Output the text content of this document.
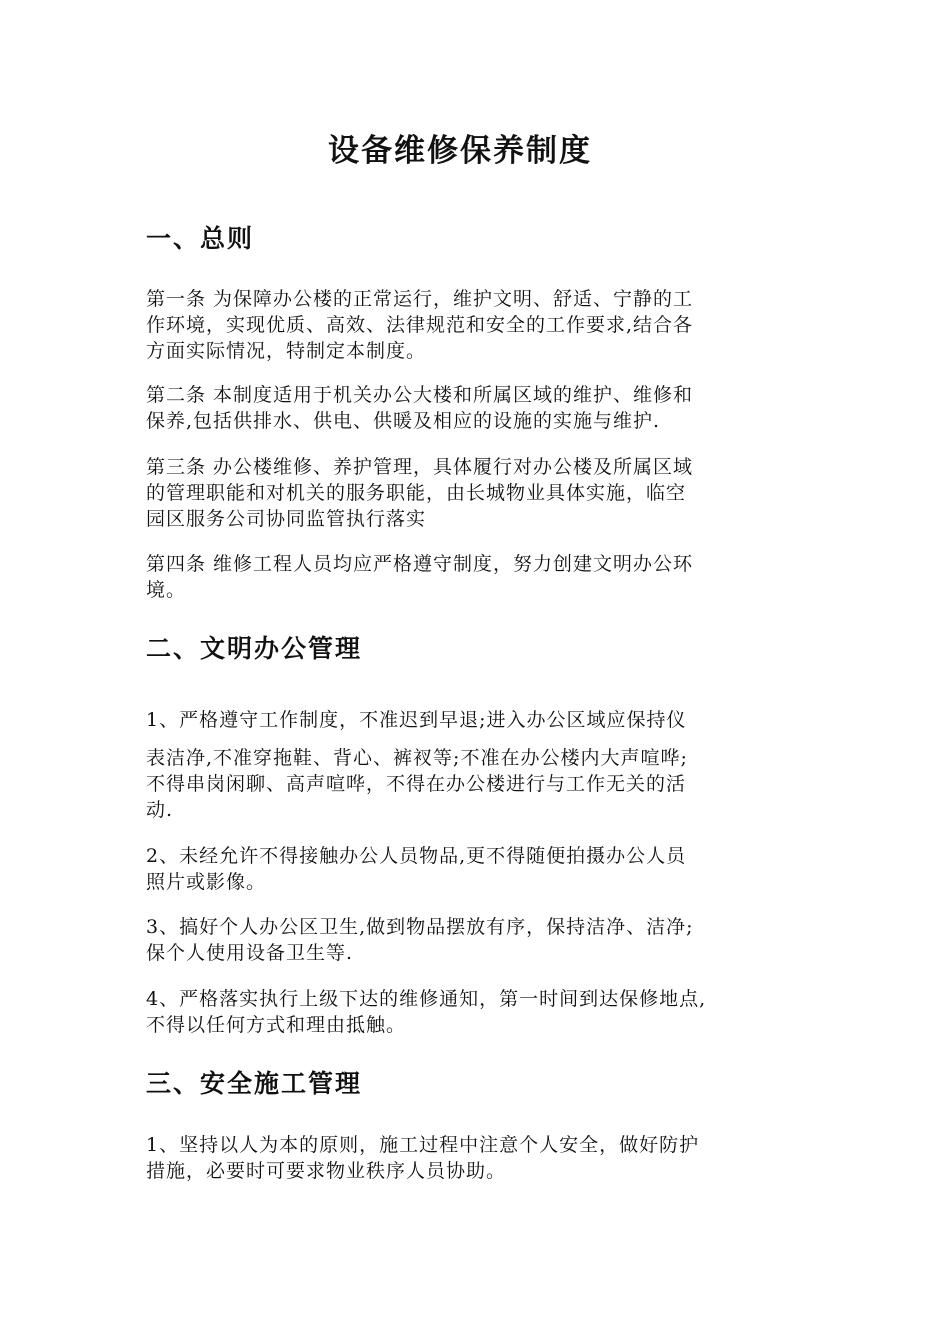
设备维修保养制度
一、总则
第一条 为保障办公楼的正常运行，维护文明、舒适、宁静的工
作环境，实现优质、高效、法律规范和安全的工作要求,结合各
方面实际情况，特制定本制度。
第二条 本制度适用于机关办公大楼和所属区域的维护、维修和
保养,包括供排水、供电、供暖及相应的设施的实施与维护.
第三条 办公楼维修、养护管理，具体履行对办公楼及所属区域
的管理职能和对机关的服务职能，由长城物业具体实施，临空
园区服务公司协同监管执行落实
第四条 维修工程人员均应严格遵守制度，努力创建文明办公环
境。
二、文明办公管理
1、严格遵守工作制度，不准迟到早退;进入办公区域应保持仪
表洁净,不准穿拖鞋、背心、裤衩等;不准在办公楼内大声喧哗;
不得串岗闲聊、高声喧哗，不得在办公楼进行与工作无关的活
动.
2、未经允许不得接触办公人员物品,更不得随便拍摄办公人员
照片或影像。
3、搞好个人办公区卫生,做到物品摆放有序，保持洁净、洁净;
保个人使用设备卫生等.
4、严格落实执行上级下达的维修通知，第一时间到达保修地点,
不得以任何方式和理由抵触。
三、安全施工管理
1、坚持以人为本的原则，施工过程中注意个人安全，做好防护
措施，必要时可要求物业秩序人员协助。
